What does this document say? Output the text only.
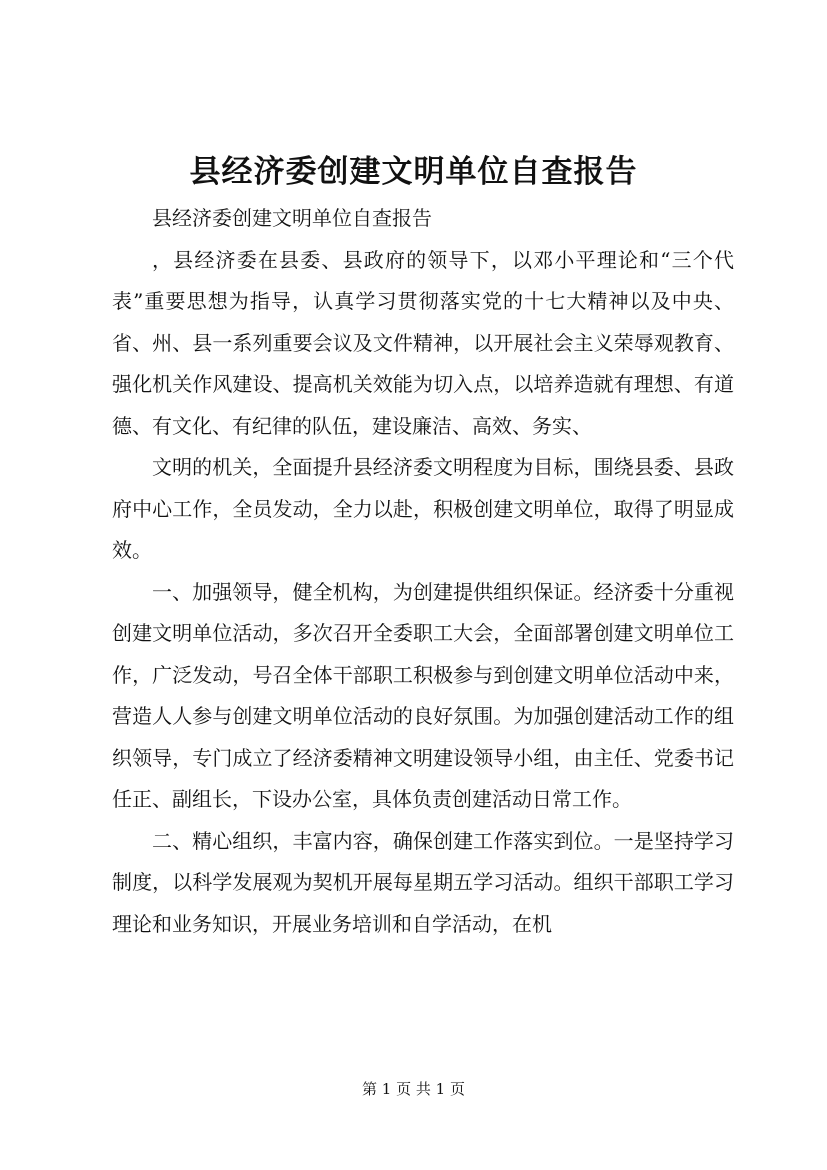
县经济委创建文明单位自查报告

县经济委创建文明单位自查报告

，县经济委在县委、县政府的领导下，以邓小平理论和“三个代表”重要思想为指导，认真学习贯彻落实党的十七大精神以及中央、省、州、县一系列重要会议及文件精神，以开展社会主义荣辱观教育、强化机关作风建设、提高机关效能为切入点，以培养造就有理想、有道德、有文化、有纪律的队伍，建设廉洁、高效、务实、

文明的机关，全面提升县经济委文明程度为目标，围绕县委、县政府中心工作，全员发动，全力以赴，积极创建文明单位，取得了明显成效。

一、加强领导，健全机构，为创建提供组织保证。经济委十分重视创建文明单位活动，多次召开全委职工大会，全面部署创建文明单位工作，广泛发动，号召全体干部职工积极参与到创建文明单位活动中来，营造人人参与创建文明单位活动的良好氛围。为加强创建活动工作的组织领导，专门成立了经济委精神文明建设领导小组，由主任、党委书记任正、副组长，下设办公室，具体负责创建活动日常工作。

二、精心组织，丰富内容，确保创建工作落实到位。一是坚持学习制度，以科学发展观为契机开展每星期五学习活动。组织干部职工学习理论和业务知识，开展业务培训和自学活动，在机

第 1 页 共 1 页
